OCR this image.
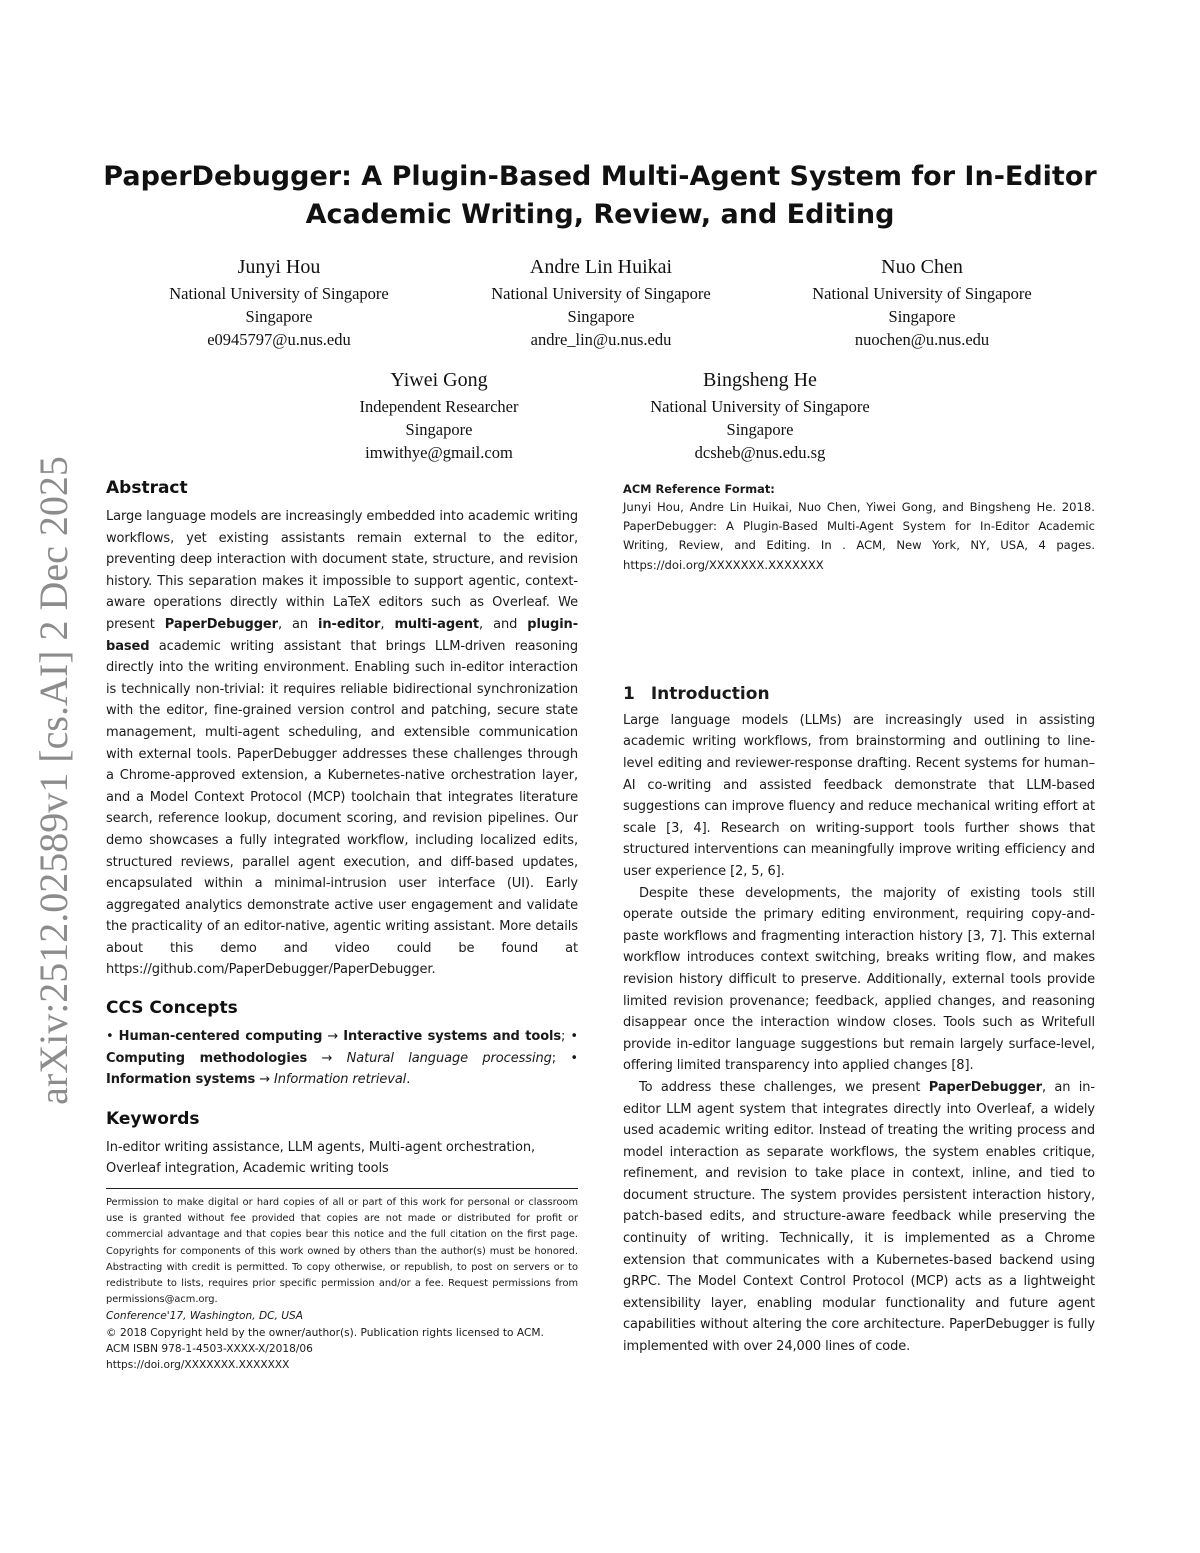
arXiv:2512.02589v1 [cs.AI] 2 Dec 2025
PaperDebugger: A Plugin-Based Multi-Agent System for In-Editor
Academic Writing, Review, and Editing
Junyi Hou
National University of Singapore
Singapore
e0945797@u.nus.edu
Andre Lin Huikai
National University of Singapore
Singapore
andre_lin@u.nus.edu
Nuo Chen
National University of Singapore
Singapore
nuochen@u.nus.edu
Yiwei Gong
Independent Researcher
Singapore
imwithye@gmail.com
Bingsheng He
National University of Singapore
Singapore
dcsheb@nus.edu.sg
Abstract

Large language models are increasingly embedded into academic writing workflows, yet existing assistants remain external to the editor, preventing deep interaction with document state, structure, and revision history. This separation makes it impossible to support agentic, context-aware operations directly within LaTeX editors such as Overleaf. We present PaperDebugger, an in-editor, multi-agent, and plugin-based academic writing assistant that brings LLM-driven reasoning directly into the writing environment. Enabling such in-editor interaction is technically non-trivial: it requires reliable bidirectional synchronization with the editor, fine-grained version control and patching, secure state management, multi-agent scheduling, and extensible communication with external tools. PaperDebugger addresses these challenges through a Chrome-approved extension, a Kubernetes-native orchestration layer, and a Model Context Protocol (MCP) toolchain that integrates literature search, reference lookup, document scoring, and revision pipelines. Our demo showcases a fully integrated workflow, including localized edits, structured reviews, parallel agent execution, and diff-based updates, encapsulated within a minimal-intrusion user interface (UI). Early aggregated analytics demonstrate active user engagement and validate the practicality of an editor-native, agentic writing assistant. More details about this demo and video could be found at https://github.com/PaperDebugger/PaperDebugger.

CCS Concepts

• Human-centered computing → Interactive systems and tools; • Computing methodologies → Natural language processing; • Information systems → Information retrieval.

Keywords

In-editor writing assistance, LLM agents, Multi-agent orchestration, Overleaf integration, Academic writing tools

Permission to make digital or hard copies of all or part of this work for personal or classroom use is granted without fee provided that copies are not made or distributed for profit or commercial advantage and that copies bear this notice and the full citation on the first page. Copyrights for components of this work owned by others than the author(s) must be honored. Abstracting with credit is permitted. To copy otherwise, or republish, to post on servers or to redistribute to lists, requires prior specific permission and/or a fee. Request permissions from permissions@acm.org.

Conference'17, Washington, DC, USA

© 2018 Copyright held by the owner/author(s). Publication rights licensed to ACM.

ACM ISBN 978-1-4503-XXXX-X/2018/06

https://doi.org/XXXXXXX.XXXXXXX

ACM Reference Format:

Junyi Hou, Andre Lin Huikai, Nuo Chen, Yiwei Gong, and Bingsheng He. 2018. PaperDebugger: A Plugin-Based Multi-Agent System for In-Editor Academic Writing, Review, and Editing. In . ACM, New York, NY, USA, 4 pages. https://doi.org/XXXXXXX.XXXXXXX

1 Introduction

Large language models (LLMs) are increasingly used in assisting academic writing workflows, from brainstorming and outlining to line-level editing and reviewer-response drafting. Recent systems for human–AI co-writing and assisted feedback demonstrate that LLM-based suggestions can improve fluency and reduce mechanical writing effort at scale [3, 4]. Research on writing-support tools further shows that structured interventions can meaningfully improve writing efficiency and user experience [2, 5, 6].

Despite these developments, the majority of existing tools still operate outside the primary editing environment, requiring copy-and-paste workflows and fragmenting interaction history [3, 7]. This external workflow introduces context switching, breaks writing flow, and makes revision history difficult to preserve. Additionally, external tools provide limited revision provenance; feedback, applied changes, and reasoning disappear once the interaction window closes. Tools such as Writefull provide in-editor language suggestions but remain largely surface-level, offering limited transparency into applied changes [8].

To address these challenges, we present PaperDebugger, an in-editor LLM agent system that integrates directly into Overleaf, a widely used academic writing editor. Instead of treating the writing process and model interaction as separate workflows, the system enables critique, refinement, and revision to take place in context, inline, and tied to document structure. The system provides persistent interaction history, patch-based edits, and structure-aware feedback while preserving the continuity of writing. Technically, it is implemented as a Chrome extension that communicates with a Kubernetes-based backend using gRPC. The Model Context Control Protocol (MCP) acts as a lightweight extensibility layer, enabling modular functionality and future agent capabilities without altering the core architecture. PaperDebugger is fully implemented with over 24,000 lines of code.
